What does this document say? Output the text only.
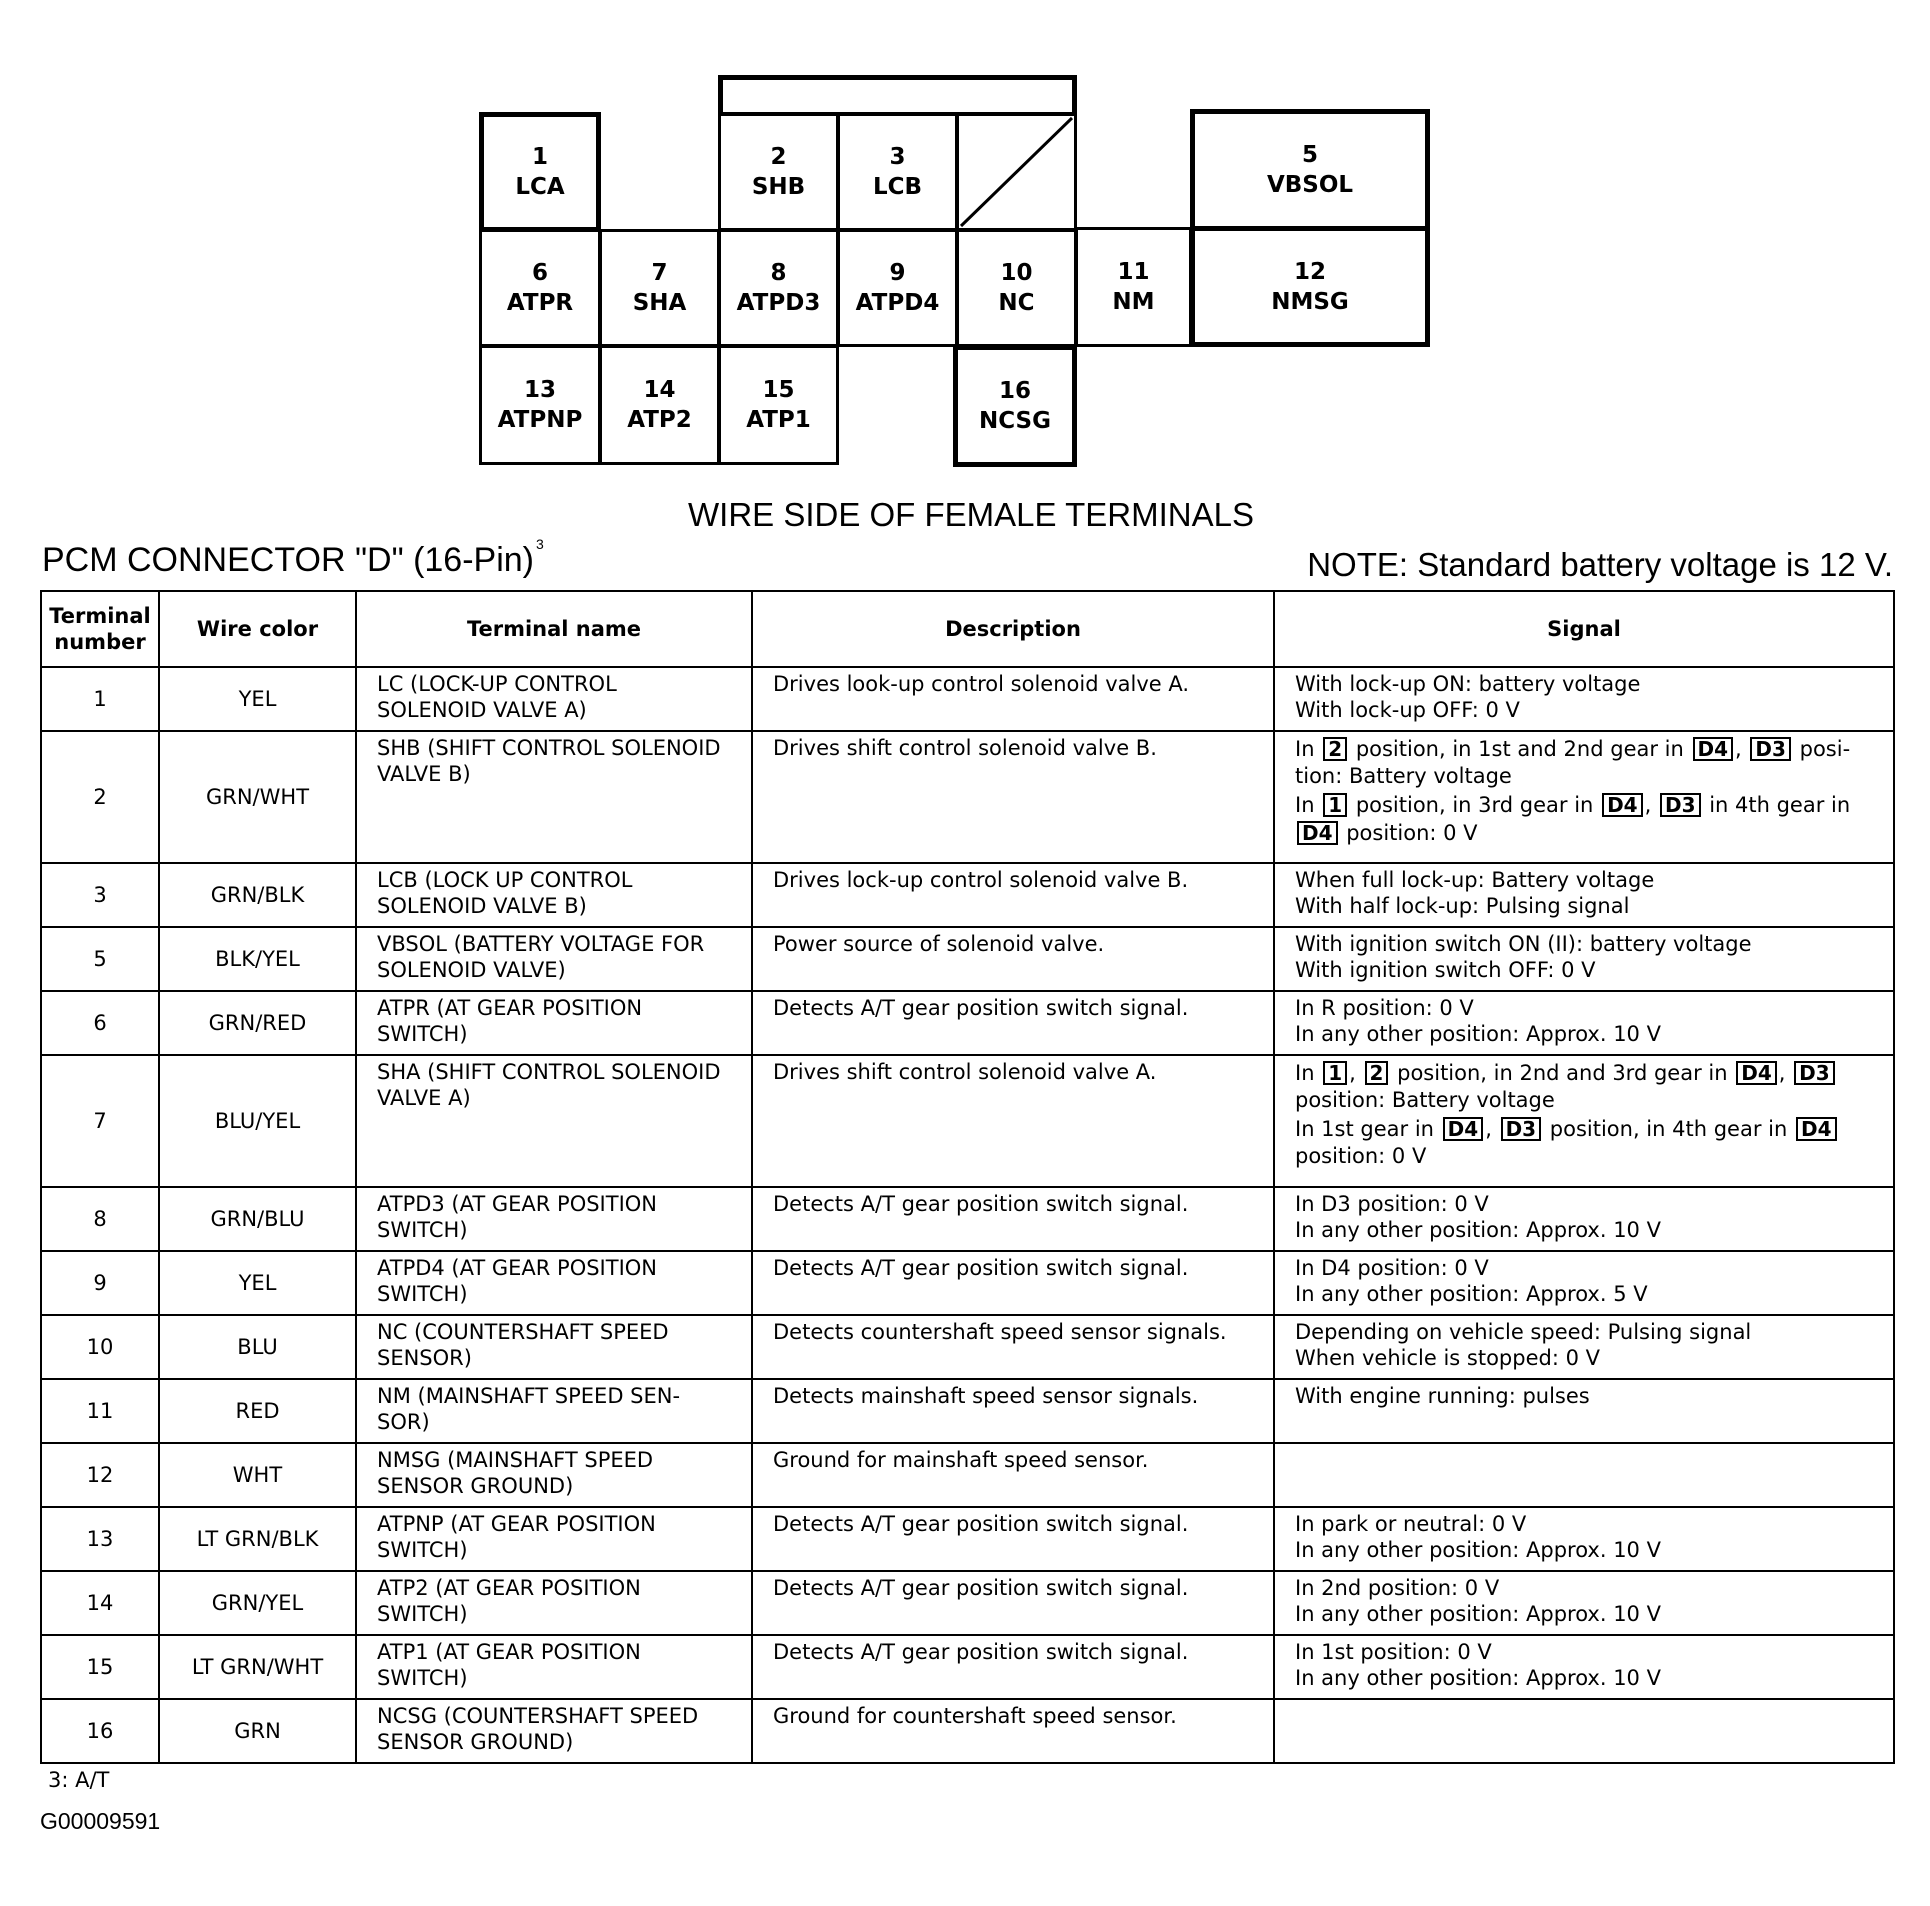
1
LCA
2
SHB
3
LCB
5
VBSOL
6
ATPR
7
SHA
8
ATPD3
9
ATPD4
10
NC
11
NM
12
NMSG
13
ATPNP
14
ATP2
15
ATP1
16
NCSG
WIRE SIDE OF FEMALE TERMINALS
PCM CONNECTOR "D" (16-Pin) $^3$
NOTE: Standard battery voltage is 12 V.
Terminal number	Wire color	Terminal name	Description	Signal
1	YEL	LC (LOCK-UP CONTROL SOLENOID VALVE A)	Drives look-up control solenoid valve A.	With lock-up ON: battery voltage
With lock-up OFF: 0 V

2	GRN/WHT	SHB (SHIFT CONTROL SOLENOID VALVE B)	Drives shift control solenoid valve B.	In 2 position, in 1st and 2nd gear in D4 , D3 posi-tion: Battery voltage
In 1 position, in 3rd gear in D4 , D3 in 4th gear in D4 position: 0 V
3	GRN/BLK	LCB (LOCK UP CONTROL SOLENOID VALVE B)	Drives lock-up control solenoid valve B.	When full lock-up: Battery voltage
With half lock-up: Pulsing signal

5	BLK/YEL	VBSOL (BATTERY VOLTAGE FOR SOLENOID VALVE)	Power source of solenoid valve.	With ignition switch ON (II): battery voltage
With ignition switch OFF: 0 V

6	GRN/RED	ATPR (AT GEAR POSITION SWITCH)	Detects A/T gear position switch signal.	In R position: 0 V
In any other position: Approx. 10 V

7	BLU/YEL	SHA (SHIFT CONTROL SOLENOID VALVE A)	Drives shift control solenoid valve A.	In 1 , 2 position, in 2nd and 3rd gear in D4 , D3 position: Battery voltage
In 1st gear in D4 , D3 position, in 4th gear in D4 position: 0 V
8	GRN/BLU	ATPD3 (AT GEAR POSITION SWITCH)	Detects A/T gear position switch signal.	In D3 position: 0 V
In any other position: Approx. 10 V

9	YEL	ATPD4 (AT GEAR POSITION SWITCH)	Detects A/T gear position switch signal.	In D4 position: 0 V
In any other position: Approx. 5 V

10	BLU	NC (COUNTERSHAFT SPEED SENSOR)	Detects countershaft speed sensor signals.	Depending on vehicle speed: Pulsing signal
When vehicle is stopped: 0 V

11	RED	NM (MAINSHAFT SPEED SEN-SOR)	Detects mainshaft speed sensor signals.	With engine running: pulses

12	WHT	NMSG (MAINSHAFT SPEED SENSOR GROUND)	Ground for mainshaft speed sensor.	

13	LT GRN/BLK	ATPNP (AT GEAR POSITION SWITCH)	Detects A/T gear position switch signal.	In park or neutral: 0 V
In any other position: Approx. 10 V

14	GRN/YEL	ATP2 (AT GEAR POSITION SWITCH)	Detects A/T gear position switch signal.	In 2nd position: 0 V
In any other position: Approx. 10 V

15	LT GRN/WHT	ATP1 (AT GEAR POSITION SWITCH)	Detects A/T gear position switch signal.	In 1st position: 0 V
In any other position: Approx. 10 V

16	GRN	NCSG (COUNTERSHAFT SPEED SENSOR GROUND)	Ground for countershaft speed sensor.	
3: A/T
G00009591
